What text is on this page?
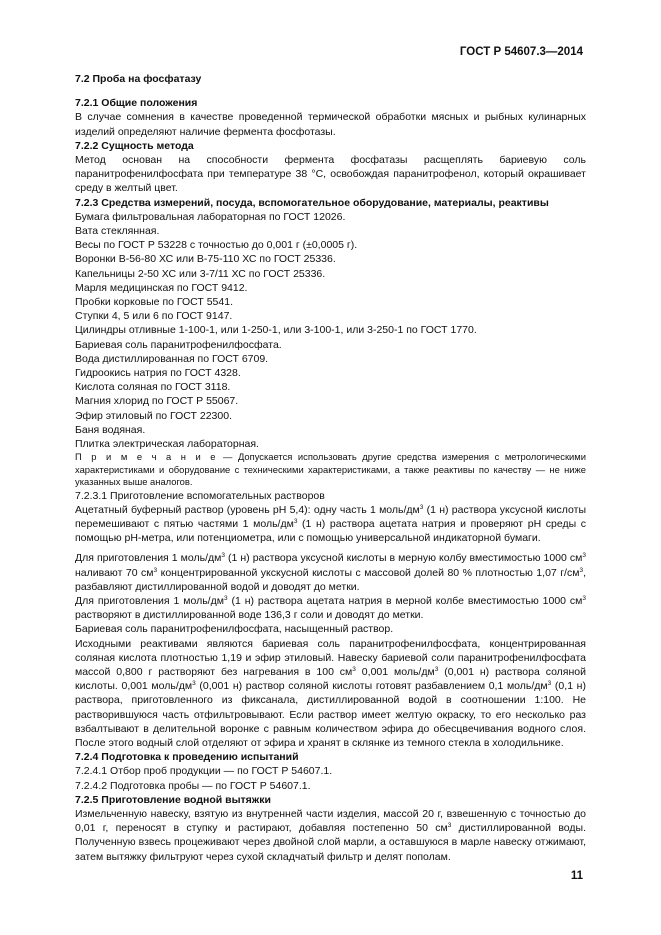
ГОСТ Р 54607.3—2014

7.2 Проба на фосфатазу

7.2.1 Общие положения

В случае сомнения в качестве проведенной термической обработки мясных и рыбных кулинарных изделий определяют наличие фермента фосфотазы.

7.2.2 Сущность метода

Метод основан на способности фермента фосфатазы расщеплять бариевую соль паранитрофенилфосфата при температуре 38 °С, освобождая паранитрофенол, который окрашивает среду в желтый цвет.

7.2.3 Средства измерений, посуда, вспомогательное оборудование, материалы, реактивы

Бумага фильтровальная лабораторная по ГОСТ 12026.

Вата стеклянная.

Весы по ГОСТ Р 53228 с точностью до 0,001 г (±0,0005 г).

Воронки В-56-80 ХС или В-75-110 ХС по ГОСТ 25336.

Капельницы 2-50 ХС или 3-7/11 ХС по ГОСТ 25336.

Марля медицинская по ГОСТ 9412.

Пробки корковые по ГОСТ 5541.

Ступки 4, 5 или 6 по ГОСТ 9147.

Цилиндры отливные 1-100-1, или 1-250-1, или 3-100-1, или 3-250-1 по ГОСТ 1770.

Бариевая соль паранитрофенилфосфата.

Вода дистиллированная по ГОСТ 6709.

Гидроокись натрия по ГОСТ 4328.

Кислота соляная по ГОСТ 3118.

Магния хлорид по ГОСТ Р 55067.

Эфир этиловый по ГОСТ 22300.

Баня водяная.

Плитка электрическая лабораторная.

П р и м е ч а н и е — Допускается использовать другие средства измерения с метрологическими характеристиками и оборудование с техническими характеристиками, а также реактивы по качеству — не ниже указанных выше аналогов.

7.2.3.1 Приготовление вспомогательных растворов

Ацетатный буферный раствор (уровень рН 5,4): одну часть 1 моль/$дм^3$ (1 н) раствора уксусной кислоты перемешивают с пятью частями 1 моль/$дм^3$ (1 н) раствора ацетата натрия и проверяют рН среды с помощью рН-метра, или потенциометра, или с помощью универсальной индикаторной бумаги.

Для приготовления 1 моль/$дм^3$ (1 н) раствора уксусной кислоты в мерную колбу вместимостью 1000 $см^3$ наливают 70 $см^3$ концентрированной укскусной кислоты с массовой долей 80 % плотностью 1,07 $г/см^3$, разбавляют дистиллированной водой и доводят до метки.

Для приготовления 1 моль/$дм^3$ (1 н) раствора ацетата натрия в мерной колбе вместимостью 1000 $см^3$ растворяют в дистиллированной воде 136,3 г соли и доводят до метки.

Бариевая соль паранитрофенилфосфата, насыщенный раствор.

Исходными реактивами являются бариевая соль паранитрофенилфосфата, концентрированная соляная кислота плотностью 1,19 и эфир этиловый. Навеску бариевой соли паранитрофенилфосфата массой 0,800 г растворяют без нагревания в 100 $см^3$ 0,001 моль/$дм^3$ (0,001 н) раствора соляной кислоты. 0,001 моль/$дм^3$ (0,001 н) раствор соляной кислоты готовят разбавлением 0,1 моль/$дм^3$ (0,1 н) раствора, приготовленного из фиксанала, дистиллированной водой в соотношении 1:100. Не растворившуюся часть отфильтровывают. Если раствор имеет желтую окраску, то его несколько раз взбалтывают в делительной воронке с равным количеством эфира до обесцвечивания водного слоя. После этого водный слой отделяют от эфира и хранят в склянке из темного стекла в холодильнике.

7.2.4 Подготовка к проведению испытаний

7.2.4.1 Отбор проб продукции — по ГОСТ Р 54607.1.

7.2.4.2 Подготовка пробы — по ГОСТ Р 54607.1.

7.2.5 Приготовление водной вытяжки

Измельченную навеску, взятую из внутренней части изделия, массой 20 г, взвешенную с точностью до 0,01 г, переносят в ступку и растирают, добавляя постепенно 50 $см^3$ дистиллированной воды. Полученную взвесь процеживают через двойной слой марли, а оставшуюся в марле навеску отжимают, затем вытяжку фильтруют через сухой складчатый фильтр и делят пополам.

11
